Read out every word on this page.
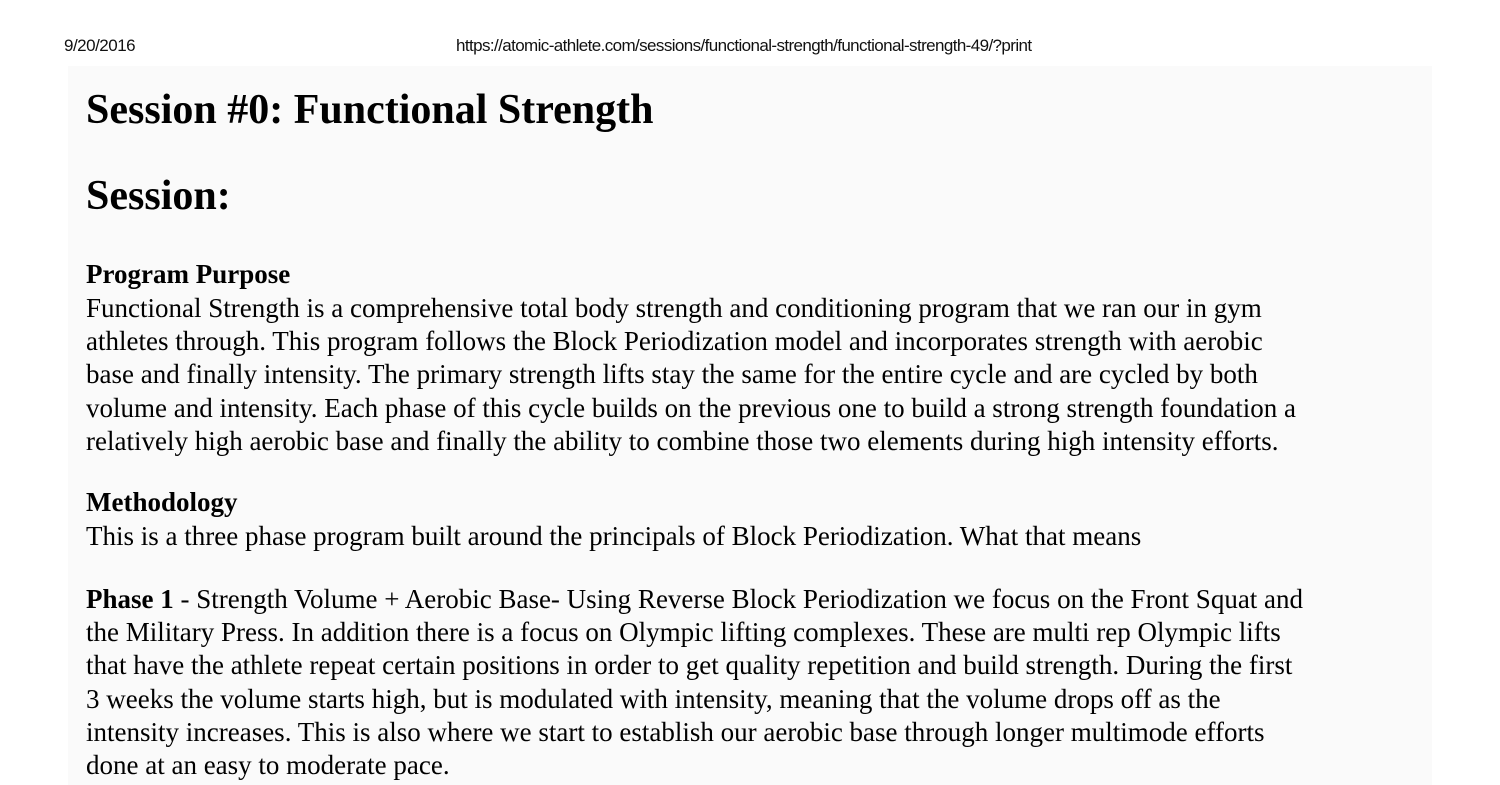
9/20/2016	https://atomic-athlete.com/sessions/functional-strength/functional-strength-49/?print
Session #0: Functional Strength
Session:
Program Purpose

Functional Strength is a comprehensive total body strength and conditioning program that we ran our in gym
athletes through. This program follows the Block Periodization model and incorporates strength with aerobic
base and finally intensity. The primary strength lifts stay the same for the entire cycle and are cycled by both
volume and intensity. Each phase of this cycle builds on the previous one to build a strong strength foundation a
relatively high aerobic base and finally the ability to combine those two elements during high intensity efforts.

Methodology

This is a three phase program built around the principals of Block Periodization. What that means

Phase 1 - Strength Volume + Aerobic Base- Using Reverse Block Periodization we focus on the Front Squat and
the Military Press. In addition there is a focus on Olympic lifting complexes. These are multi rep Olympic lifts
that have the athlete repeat certain positions in order to get quality repetition and build strength. During the first
3 weeks the volume starts high, but is modulated with intensity, meaning that the volume drops off as the
intensity increases. This is also where we start to establish our aerobic base through longer multimode efforts
done at an easy to moderate pace.
